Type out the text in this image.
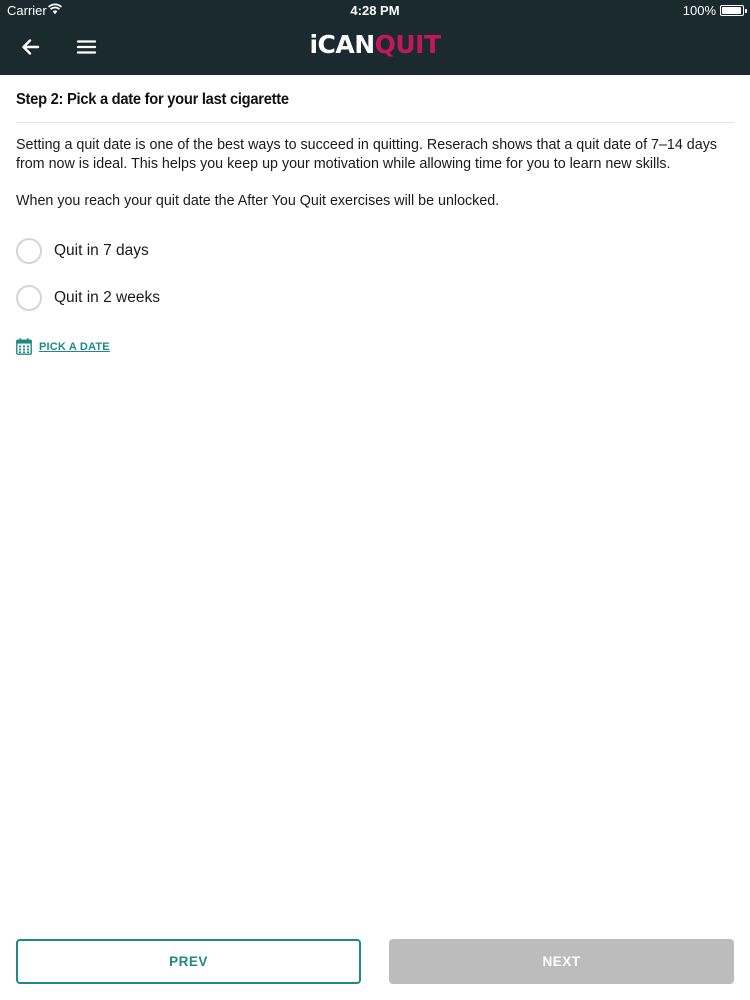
Carrier	4:28 PM	100%
iCANQUIT
Step 2: Pick a date for your last cigarette

Setting a quit date is one of the best ways to succeed in quitting. Reserach shows that a quit date of 7–14 days from now is ideal. This helps you keep up your motivation while allowing time for you to learn new skills.

When you reach your quit date the After You Quit exercises will be unlocked.

Quit in 7 days
Quit in 2 weeks
PICK A DATE
PREV	NEXT
